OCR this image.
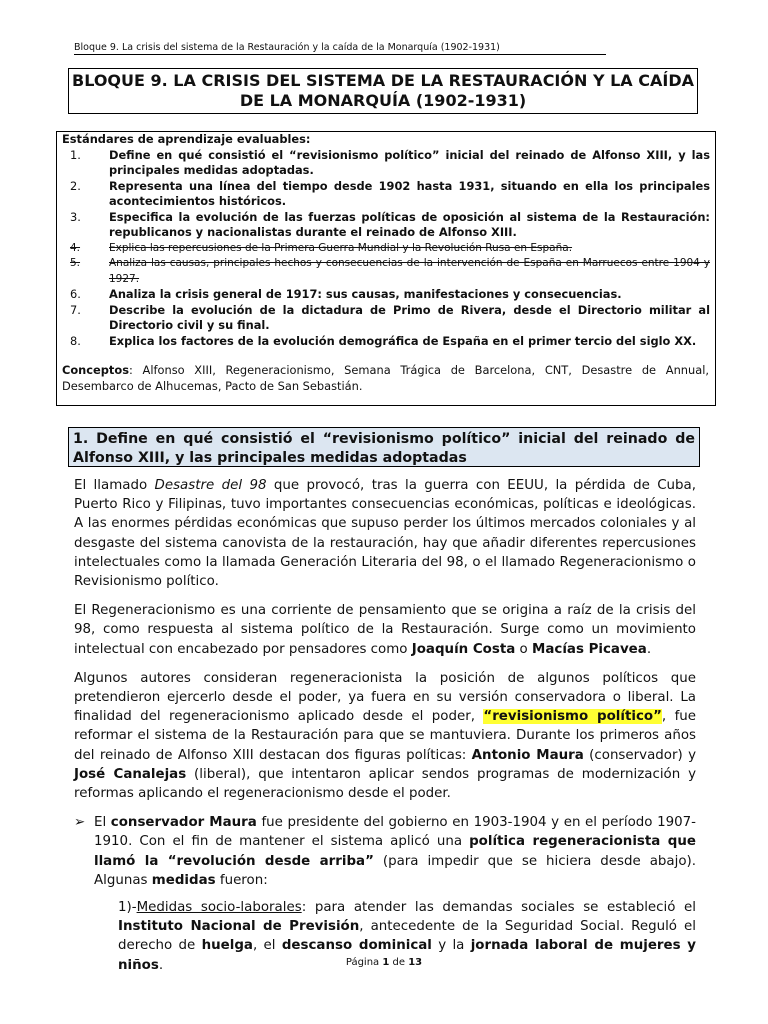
Bloque 9. La crisis del sistema de la Restauración y la caída de la Monarquía (1902-1931)
BLOQUE 9. LA CRISIS DEL SISTEMA DE LA RESTAURACIÓN Y LA CAÍDA
DE LA MONARQUÍA (1902-1931)
Estándares de aprendizaje evaluables:
1.	Define en qué consistió el “revisionismo político” inicial del reinado de Alfonso XIII, y las principales medidas adoptadas.
2.	Representa una línea del tiempo desde 1902 hasta 1931, situando en ella los principales acontecimientos históricos.
3.	Especifica la evolución de las fuerzas políticas de oposición al sistema de la Restauración: republicanos y nacionalistas durante el reinado de Alfonso XIII.
4.	Explica las repercusiones de la Primera Guerra Mundial y la Revolución Rusa en España.
5.	Analiza las causas, principales hechos y consecuencias de la intervención de España en Marruecos entre 1904 y 1927.
6.	Analiza la crisis general de 1917: sus causas, manifestaciones y consecuencias.
7.	Describe la evolución de la dictadura de Primo de Rivera, desde el Directorio militar al Directorio civil y su final.
8.	Explica los factores de la evolución demográfica de España en el primer tercio del siglo XX.
Conceptos: Alfonso XIII, Regeneracionismo, Semana Trágica de Barcelona, CNT, Desastre de Annual, Desembarco de Alhucemas, Pacto de San Sebastián.
1. Define en qué consistió el “revisionismo político” inicial del reinado de Alfonso XIII, y las principales medidas adoptadas

El llamado Desastre del 98 que provocó, tras la guerra con EEUU, la pérdida de Cuba, Puerto Rico y Filipinas, tuvo importantes consecuencias económicas, políticas e ideológicas. A las enormes pérdidas económicas que supuso perder los últimos mercados coloniales y al desgaste del sistema canovista de la restauración, hay que añadir diferentes repercusiones intelectuales como la llamada Generación Literaria del 98, o el llamado Regeneracionismo o Revisionismo político.

El Regeneracionismo es una corriente de pensamiento que se origina a raíz de la crisis del 98, como respuesta al sistema político de la Restauración. Surge como un movimiento intelectual con encabezado por pensadores como Joaquín Costa o Macías Picavea.

Algunos autores consideran regeneracionista la posición de algunos políticos que pretendieron ejercerlo desde el poder, ya fuera en su versión conservadora o liberal. La finalidad del regeneracionismo aplicado desde el poder, “revisionismo político”, fue reformar el sistema de la Restauración para que se mantuviera. Durante los primeros años del reinado de Alfonso XIII destacan dos figuras políticas: Antonio Maura (conservador) y José Canalejas (liberal), que intentaron aplicar sendos programas de modernización y reformas aplicando el regeneracionismo desde el poder.

➢ El conservador Maura fue presidente del gobierno en 1903-1904 y en el período 1907-1910. Con el fin de mantener el sistema aplicó una política regeneracionista que llamó la “revolución desde arriba” (para impedir que se hiciera desde abajo). Algunas medidas fueron:
1)-Medidas socio-laborales: para atender las demandas sociales se estableció el Instituto Nacional de Previsión, antecedente de la Seguridad Social. Reguló el derecho de huelga, el descanso dominical y la jornada laboral de mujeres y niños.	Página 1 de 13
